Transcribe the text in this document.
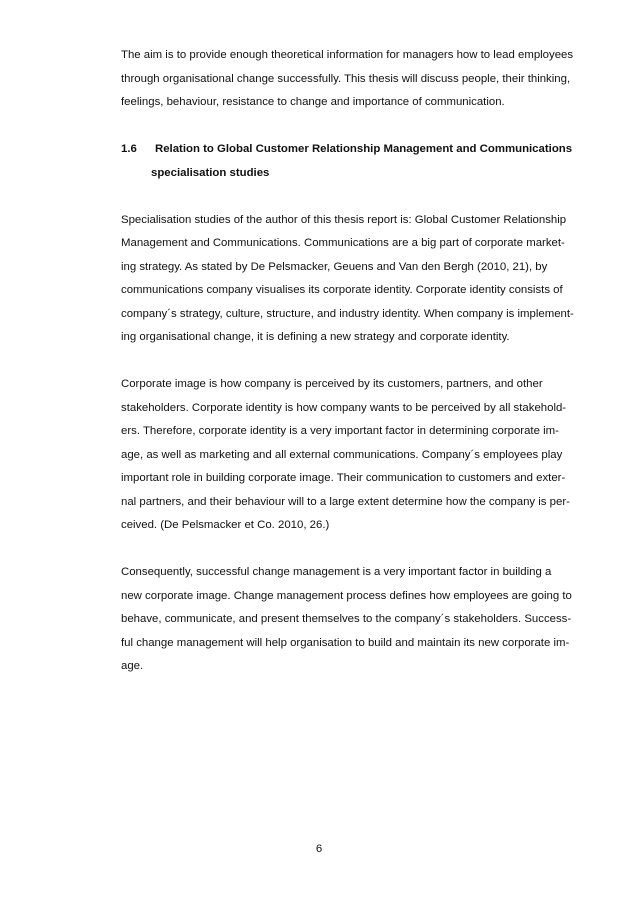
The aim is to provide enough theoretical information for managers how to lead employees
through organisational change successfully. This thesis will discuss people, their thinking,
feelings, behaviour, resistance to change and importance of communication.
1.6 Relation to Global Customer Relationship Management and Communications
specialisation studies
Specialisation studies of the author of this thesis report is: Global Customer Relationship
Management and Communications. Communications are a big part of corporate market-
ing strategy. As stated by De Pelsmacker, Geuens and Van den Bergh (2010, 21), by
communications company visualises its corporate identity. Corporate identity consists of
company´s strategy, culture, structure, and industry identity. When company is implement-
ing organisational change, it is defining a new strategy and corporate identity.
Corporate image is how company is perceived by its customers, partners, and other
stakeholders. Corporate identity is how company wants to be perceived by all stakehold-
ers. Therefore, corporate identity is a very important factor in determining corporate im-
age, as well as marketing and all external communications. Company´s employees play
important role in building corporate image. Their communication to customers and exter-
nal partners, and their behaviour will to a large extent determine how the company is per-
ceived. (De Pelsmacker et Co. 2010, 26.)
Consequently, successful change management is a very important factor in building a
new corporate image. Change management process defines how employees are going to
behave, communicate, and present themselves to the company´s stakeholders. Success-
ful change management will help organisation to build and maintain its new corporate im-
age.
6
